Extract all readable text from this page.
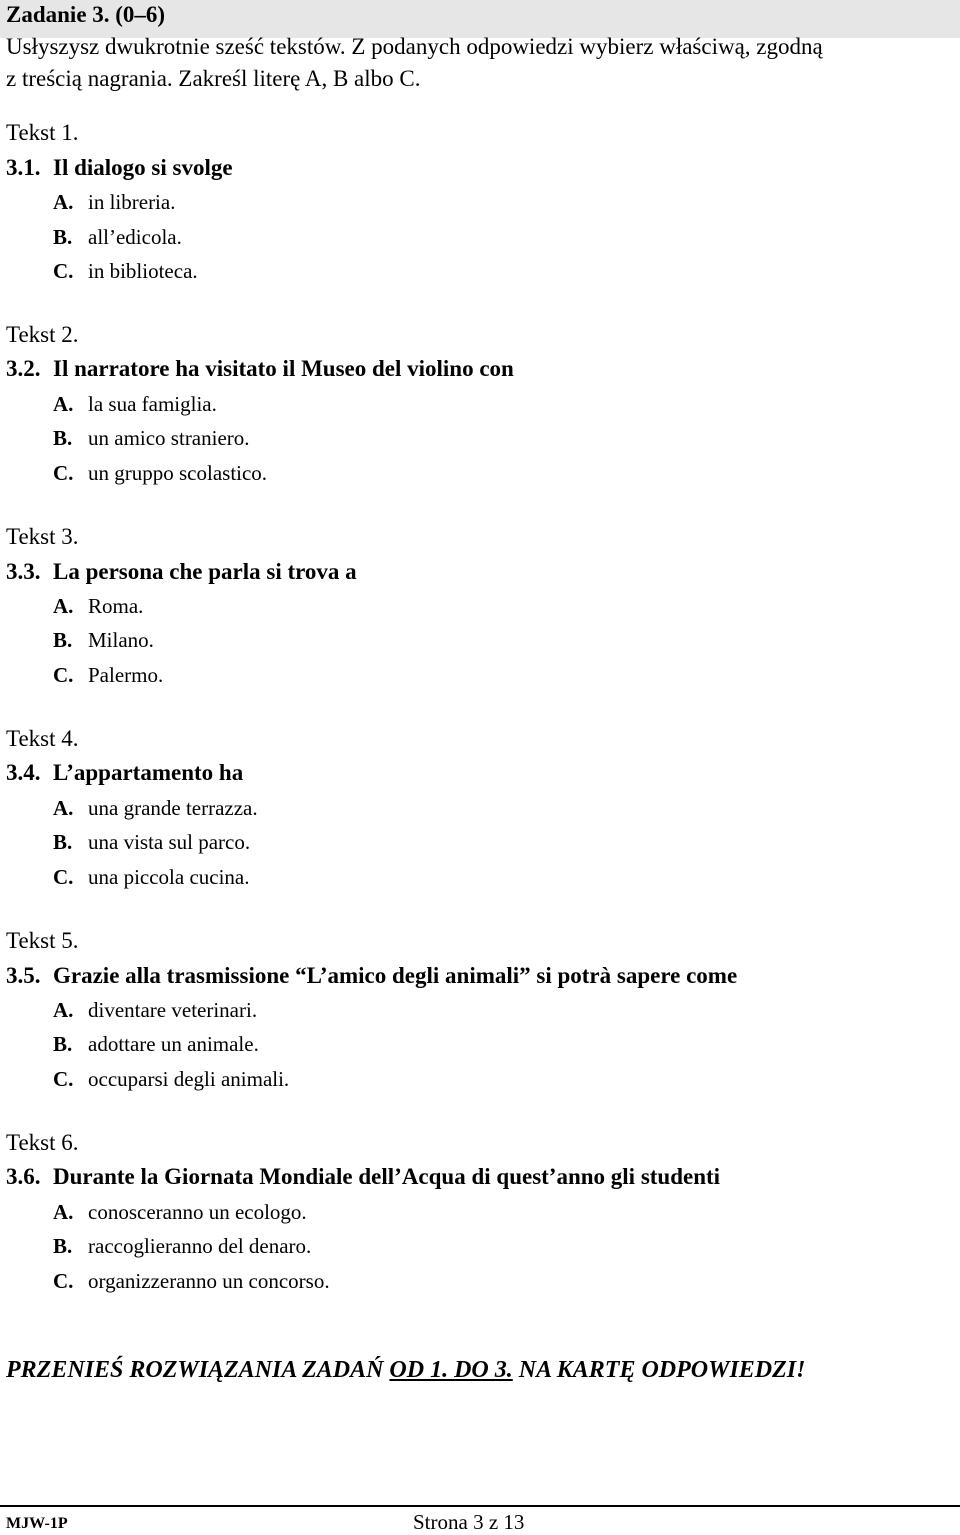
Zadanie 3. (0–6)
Usłyszysz dwukrotnie sześć tekstów. Z podanych odpowiedzi wybierz właściwą, zgodną
z treścią nagrania. Zakreśl literę A, B albo C.
Tekst 1.
3.1. Il dialogo si svolge
A. in libreria.
B. all’edicola.
C. in biblioteca.
Tekst 2.
3.2. Il narratore ha visitato il Museo del violino con
A. la sua famiglia.
B. un amico straniero.
C. un gruppo scolastico.
Tekst 3.
3.3. La persona che parla si trova a
A. Roma.
B. Milano.
C. Palermo.
Tekst 4.
3.4. L’appartamento ha
A. una grande terrazza.
B. una vista sul parco.
C. una piccola cucina.
Tekst 5.
3.5. Grazie alla trasmissione “L’amico degli animali” si potrà sapere come
A. diventare veterinari.
B. adottare un animale.
C. occuparsi degli animali.
Tekst 6.
3.6. Durante la Giornata Mondiale dell’Acqua di quest’anno gli studenti
A. conosceranno un ecologo.
B. raccoglieranno del denaro.
C. organizzeranno un concorso.
PRZENIEŚ ROZWIĄZANIA ZADAŃ OD 1. DO 3. NA KARTĘ ODPOWIEDZI!
MJW-1P	Strona 3 z 13
